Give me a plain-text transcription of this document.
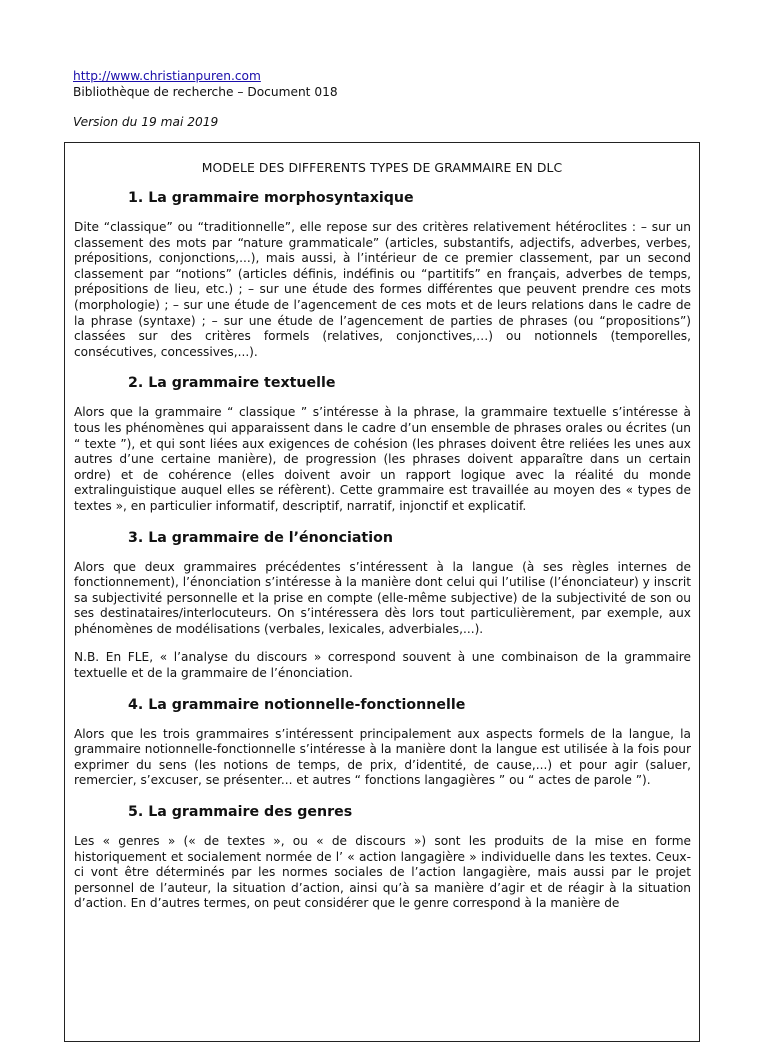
http://www.christianpuren.com
Bibliothèque de recherche – Document 018
Version du 19 mai 2019
MODELE DES DIFFERENTS TYPES DE GRAMMAIRE EN DLC
1. La grammaire morphosyntaxique

Dite “classique” ou “traditionnelle”, elle repose sur des critères relativement hétéroclites : – sur un classement des mots par “nature grammaticale” (articles, substantifs, adjectifs, adverbes, verbes, prépositions, conjonctions,...), mais aussi, à l’intérieur de ce premier classement, par un second classement par “notions” (articles définis, indéfinis ou “partitifs” en français, adverbes de temps, prépositions de lieu, etc.) ; – sur une étude des formes différentes que peuvent prendre ces mots (morphologie) ; – sur une étude de l’agencement de ces mots et de leurs relations dans le cadre de la phrase (syntaxe) ; – sur une étude de l’agencement de parties de phrases (ou “propositions”) classées sur des critères formels (relatives, conjonctives,…) ou notionnels (temporelles, consécutives, concessives,...).

2. La grammaire textuelle

Alors que la grammaire “ classique ” s’intéresse à la phrase, la grammaire textuelle s’intéresse à tous les phénomènes qui apparaissent dans le cadre d’un ensemble de phrases orales ou écrites (un “ texte ”), et qui sont liées aux exigences de cohésion (les phrases doivent être reliées les unes aux autres d’une certaine manière), de progression (les phrases doivent apparaître dans un certain ordre) et de cohérence (elles doivent avoir un rapport logique avec la réalité du monde extralinguistique auquel elles se réfèrent). Cette grammaire est travaillée au moyen des « types de textes », en particulier informatif, descriptif, narratif, injonctif et explicatif.

3. La grammaire de l’énonciation

Alors que deux grammaires précédentes s’intéressent à la langue (à ses règles internes de fonctionnement), l’énonciation s’intéresse à la manière dont celui qui l’utilise (l’énonciateur) y inscrit sa subjectivité personnelle et la prise en compte (elle-même subjective) de la subjectivité de son ou ses destinataires/interlocuteurs. On s’intéressera dès lors tout particulièrement, par exemple, aux phénomènes de modélisations (verbales, lexicales, adverbiales,...).

N.B. En FLE, « l’analyse du discours » correspond souvent à une combinaison de la grammaire textuelle et de la grammaire de l’énonciation.

4. La grammaire notionnelle-fonctionnelle

Alors que les trois grammaires s’intéressent principalement aux aspects formels de la langue, la grammaire notionnelle-fonctionnelle s’intéresse à la manière dont la langue est utilisée à la fois pour exprimer du sens (les notions de temps, de prix, d’identité, de cause,...) et pour agir (saluer, remercier, s’excuser, se présenter... et autres “ fonctions langagières ” ou “ actes de parole ”).

5. La grammaire des genres

Les « genres » (« de textes », ou « de discours ») sont les produits de la mise en forme historiquement et socialement normée de l’ « action langagière » individuelle dans les textes. Ceux-ci vont être déterminés par les normes sociales de l’action langagière, mais aussi par le projet personnel de l’auteur, la situation d’action, ainsi qu’à sa manière d’agir et de réagir à la situation d’action. En d’autres termes, on peut considérer que le genre correspond à la manière de
